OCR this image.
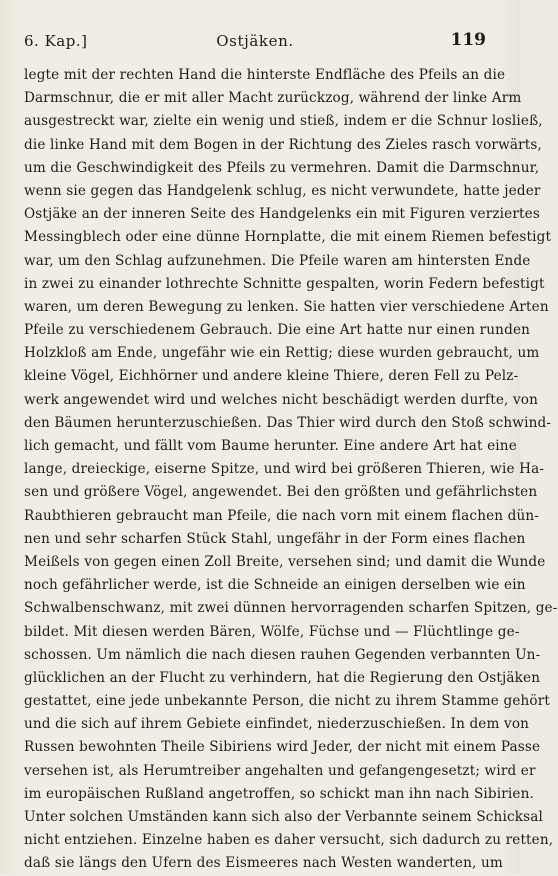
6. Kap.]	Ostjäken.	119
legte mit der rechten Hand die hinterste Endfläche des Pfeils an die
Darmschnur, die er mit aller Macht zurückzog, während der linke Arm
ausgestreckt war, zielte ein wenig und stieß, indem er die Schnur losließ,
die linke Hand mit dem Bogen in der Richtung des Zieles rasch vorwärts,
um die Geschwindigkeit des Pfeils zu vermehren. Damit die Darmschnur,
wenn sie gegen das Handgelenk schlug, es nicht verwundete, hatte jeder
Ostjäke an der inneren Seite des Handgelenks ein mit Figuren verziertes
Messingblech oder eine dünne Hornplatte, die mit einem Riemen befestigt
war, um den Schlag aufzunehmen. Die Pfeile waren am hintersten Ende
in zwei zu einander lothrechte Schnitte gespalten, worin Federn befestigt
waren, um deren Bewegung zu lenken. Sie hatten vier verschiedene Arten
Pfeile zu verschiedenem Gebrauch. Die eine Art hatte nur einen runden
Holzkloß am Ende, ungefähr wie ein Rettig; diese wurden gebraucht, um
kleine Vögel, Eichhörner und andere kleine Thiere, deren Fell zu Pelz-
werk angewendet wird und welches nicht beschädigt werden durfte, von
den Bäumen herunterzuschießen. Das Thier wird durch den Stoß schwind-
lich gemacht, und fällt vom Baume herunter. Eine andere Art hat eine
lange, dreieckige, eiserne Spitze, und wird bei größeren Thieren, wie Ha-
sen und größere Vögel, angewendet. Bei den größten und gefährlichsten
Raubthieren gebraucht man Pfeile, die nach vorn mit einem flachen dün-
nen und sehr scharfen Stück Stahl, ungefähr in der Form eines flachen
Meißels von gegen einen Zoll Breite, versehen sind; und damit die Wunde
noch gefährlicher werde, ist die Schneide an einigen derselben wie ein
Schwalbenschwanz, mit zwei dünnen hervorragenden scharfen Spitzen, ge-
bildet. Mit diesen werden Bären, Wölfe, Füchse und — Flüchtlinge ge-
schossen. Um nämlich die nach diesen rauhen Gegenden verbannten Un-
glücklichen an der Flucht zu verhindern, hat die Regierung den Ostjäken
gestattet, eine jede unbekannte Person, die nicht zu ihrem Stamme gehört
und die sich auf ihrem Gebiete einfindet, niederzuschießen. In dem von
Russen bewohnten Theile Sibiriens wird Jeder, der nicht mit einem Passe
versehen ist, als Herumtreiber angehalten und gefangengesetzt; wird er
im europäischen Rußland angetroffen, so schickt man ihn nach Sibirien.
Unter solchen Umständen kann sich also der Verbannte seinem Schicksal
nicht entziehen. Einzelne haben es daher versucht, sich dadurch zu retten,
daß sie längs den Ufern des Eismeeres nach Westen wanderten, um
